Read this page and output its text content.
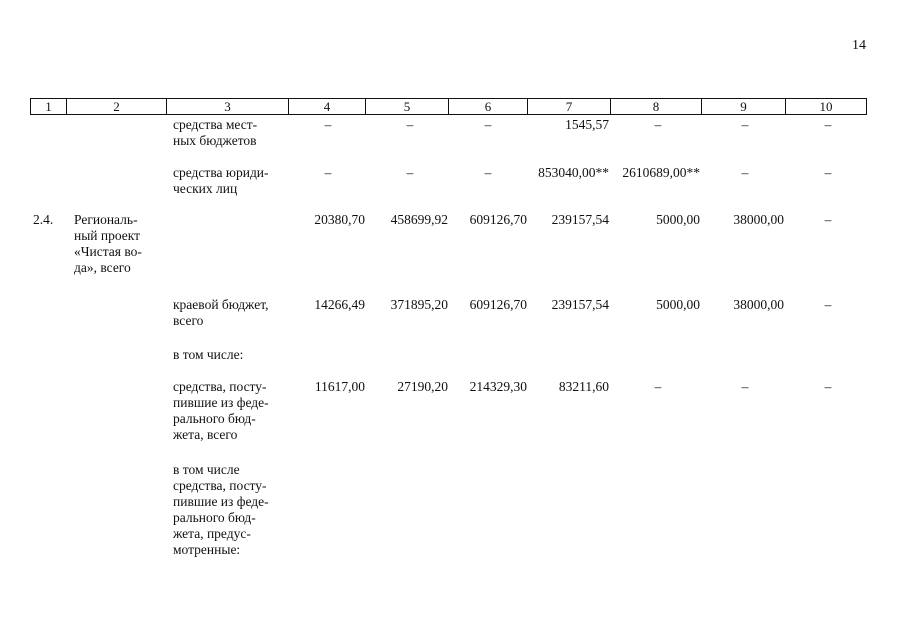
14
1	2	3	4	5	6	7	8	9	10
средства мест-
ных бюджетов
–	–	–	1545,57	–	–	–
средства юриди-
ческих лиц
–	–	–	853040,00** 2610689,00**	–	–
2.4. Региональ-
ный проект
«Чистая во-
да», всего
20380,70	458699,92	609126,70	239157,54	5000,00	38000,00	–
краевой бюджет,
всего
14266,49	371895,20	609126,70	239157,54	5000,00	38000,00	–
в том числе:
средства, посту-
пившие из феде-
рального бюд-
жета, всего
11617,00	27190,20	214329,30	83211,60	–	–	–
в том числе
средства, посту-
пившие из феде-
рального бюд-
жета, предус-
мотренные:
